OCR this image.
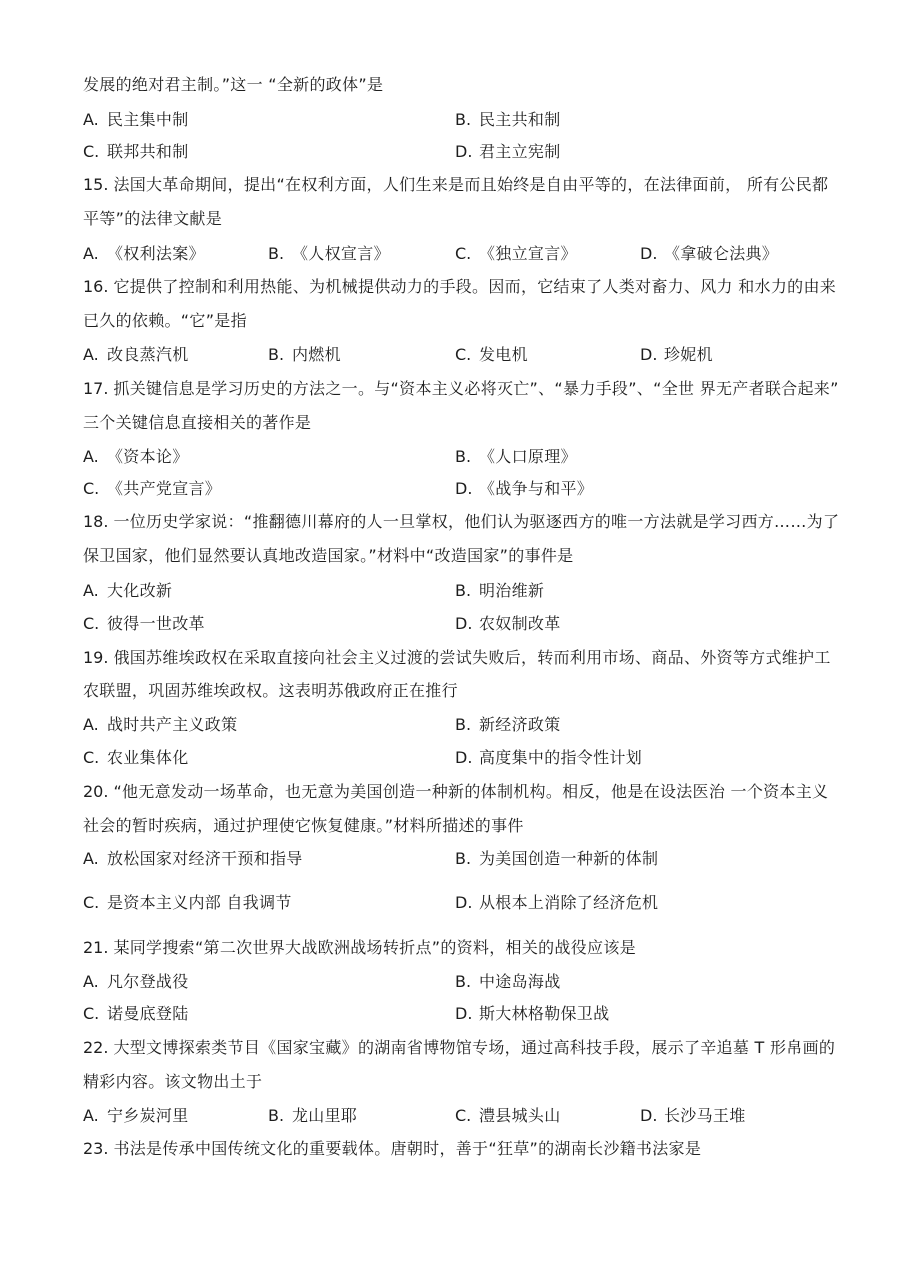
发展的绝对君主制。”这一 “全新的政体”是
A. 民主集中制	B. 民主共和制
C. 联邦共和制	D. 君主立宪制
15. 法国大革命期间，提出“在权利方面，人们生来是而且始终是自由平等的，在法律面前， 所有公民都
平等”的法律文献是
A. 《权利法案》	B. 《人权宣言》	C. 《独立宣言》	D. 《拿破仑法典》
16. 它提供了控制和利用热能、为机械提供动力的手段。因而，它结束了人类对畜力、风力 和水力的由来
已久的依赖。“它”是指
A. 改良蒸汽机	B. 内燃机	C. 发电机	D. 珍妮机
17. 抓关键信息是学习历史的方法之一。与“资本主义必将灭亡”、“暴力手段”、“全世 界无产者联合起来”
三个关键信息直接相关的著作是
A. 《资本论》	B. 《人口原理》
C. 《共产党宣言》	D. 《战争与和平》
18. 一位历史学家说：“推翻德川幕府的人一旦掌权，他们认为驱逐西方的唯一方法就是学习西方……为了
保卫国家，他们显然要认真地改造国家。”材料中“改造国家”的事件是
A. 大化改新	B. 明治维新
C. 彼得一世改革	D. 农奴制改革
19. 俄国苏维埃政权在采取直接向社会主义过渡的尝试失败后，转而利用市场、商品、外资等方式维护工
农联盟，巩固苏维埃政权。这表明苏俄政府正在推行
A. 战时共产主义政策	B. 新经济政策
C. 农业集体化	D. 高度集中的指令性计划
20. “他无意发动一场革命，也无意为美国创造一种新的体制机构。相反，他是在设法医治 一个资本主义
社会的暂时疾病，通过护理使它恢复健康。”材料所描述的事件
A. 放松国家对经济干预和指导	B. 为美国创造一种新的体制
C. 是资本主义内部 自我调节	D. 从根本上消除了经济危机
21. 某同学搜索“第二次世界大战欧洲战场转折点”的资料，相关的战役应该是
A. 凡尔登战役	B. 中途岛海战
C. 诺曼底登陆	D. 斯大林格勒保卫战
22. 大型文博探索类节目《国家宝藏》的湖南省博物馆专场，通过高科技手段，展示了辛追墓 T 形帛画的
精彩内容。该文物出土于
A. 宁乡炭河里	B. 龙山里耶	C. 澧县城头山	D. 长沙马王堆
23. 书法是传承中国传统文化的重要载体。唐朝时，善于“狂草”的湖南长沙籍书法家是
